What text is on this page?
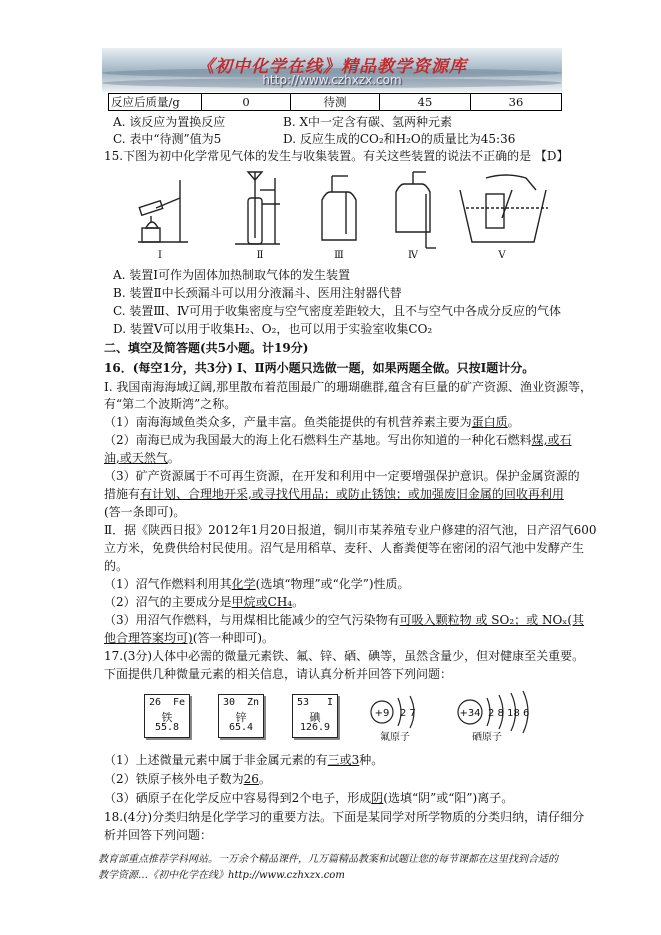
《初中化学在线》精品教学资源库
http://www.czhxzx.com
反应后质量/g	0	待测	45	36
A. 该反应为置换反应	B. X中一定含有碳、氢两种元素
C. 表中“待测”值为5	D. 反应生成的CO₂和H₂O的质量比为45:36
15.下图为初中化学常见气体的发生与收集装置。有关这些装置的说法不正确的是 【D】
Ⅰ	Ⅱ	Ⅲ	Ⅳ	Ⅴ
A. 装置Ⅰ可作为固体加热制取气体的发生装置
B. 装置Ⅱ中长颈漏斗可以用分液漏斗、医用注射器代替
C. 装置Ⅲ、Ⅳ可用于收集密度与空气密度差距较大，且不与空气中各成分反应的气体
D. 装置Ⅴ可以用于收集H₂、O₂，也可以用于实验室收集CO₂
二、填空及简答题(共5小题。计19分)
16．(每空1分，共3分) Ⅰ、Ⅱ两小题只选做一题，如果两题全做。只按Ⅰ题计分。
Ⅰ. 我国南海海域辽阔,那里散布着范围最广的珊瑚礁群,蕴含有巨量的矿产资源、渔业资源等，
有“第二个波斯湾”之称。
（1）南海海域鱼类众多，产量丰富。鱼类能提供的有机营养素主要为蛋白质。
（2）南海已成为我国最大的海上化石燃料生产基地。写出你知道的一种化石燃料煤,或石
油,或天然气。
（3）矿产资源属于不可再生资源，在开发和利用中一定要增强保护意识。保护金属资源的
措施有有计划、合理地开采,或寻找代用品；或防止锈蚀；或加强废旧金属的回收再利用
(答一条即可)。
Ⅱ．据《陕西日报》2012年1月20日报道，铜川市某养殖专业户修建的沼气池，日产沼气600
立方米，免费供给村民使用。沼气是用稻草、麦秆、人畜粪便等在密闭的沼气池中发酵产生
的。
（1）沼气作燃料利用其化学(选填“物理”或“化学”)性质。
（2）沼气的主要成分是甲烷或CH₄。
（3）用沼气作燃料，与用煤相比能减少的空气污染物有可吸入颗粒物 或 SO₂；或 NOₓ(其
他合理答案均可)(答一种即可)。
17.(3分)人体中必需的微量元素铁、氟、锌、硒、碘等，虽然含量少，但对健康至关重要。
下面提供几种微量元素的相关信息，请认真分析并回答下列问题：
26 Fe
铁
55.8
30 Zn
锌
65.4
53 I
碘
126.9
+9 2 7	+34 2 8 18 6
氟原子	硒原子
（1）上述微量元素中属于非金属元素的有三或3种。
（2）铁原子核外电子数为26。
（3）硒原子在化学反应中容易得到2个电子，形成阴(选填“阴”或“阳”)离子。
18.(4分)分类归纳是化学学习的重要方法。下面是某同学对所学物质的分类归纳，请仔细分
析并回答下列问题：
教育部重点推荐学科网站。一万余个精品课件，几万篇精品教案和试题让您的每节课都在这里找到合适的
教学资源…《初中化学在线》http://www.czhxzx.com
